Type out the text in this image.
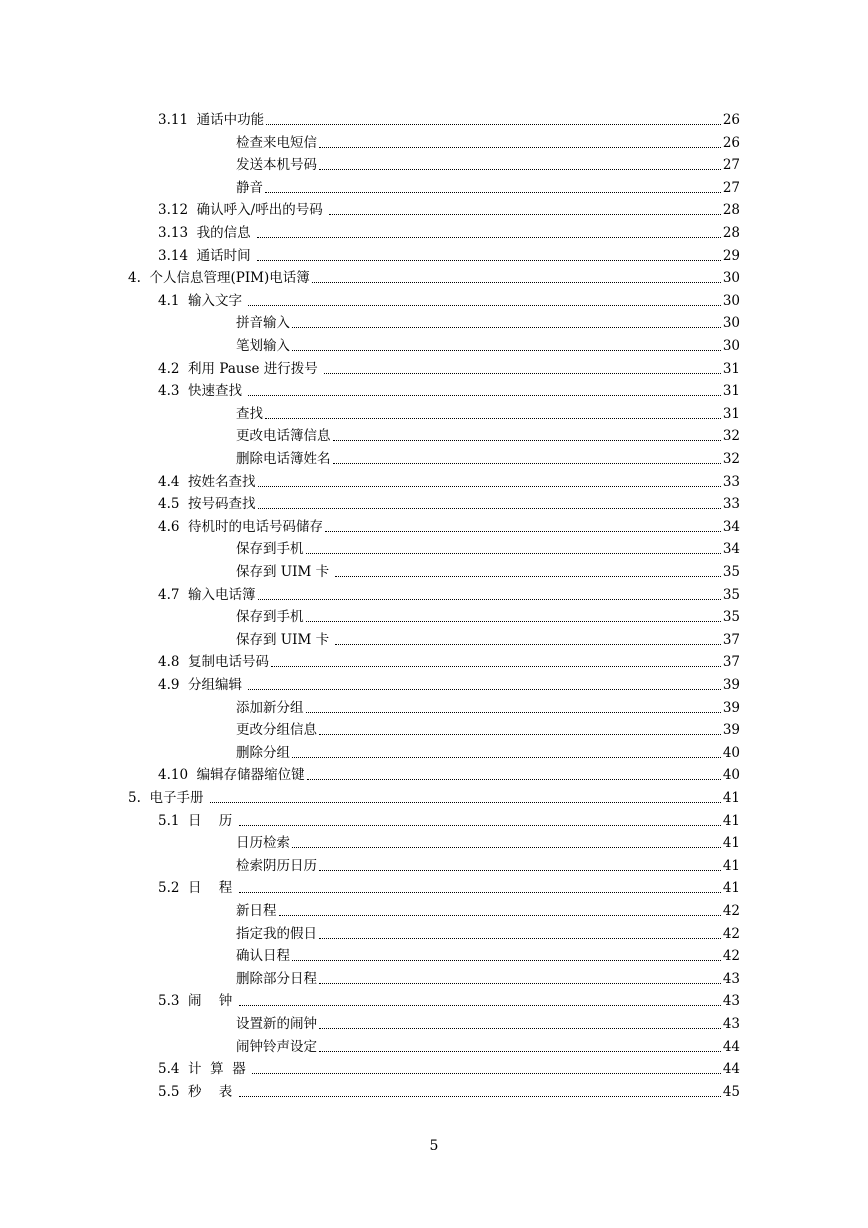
3.11  通话中功能	26
检查来电短信	26
发送本机号码	27
静音	27
3.12  确认呼入/呼出的号码	28
3.13  我的信息	28
3.14  通话时间	29
4.  个人信息管理(PIM)电话簿	30
4.1  输入文字	30
拼音输入	30
笔划输入	30
4.2  利用 Pause 进行拨号	31
4.3  快速查找	31
查找	31
更改电话簿信息	32
删除电话簿姓名	32
4.4  按姓名查找	33
4.5  按号码查找	33
4.6  待机时的电话号码储存	34
保存到手机	34
保存到 UIM 卡	35
4.7  输入电话簿	35
保存到手机	35
保存到 UIM 卡	37
4.8  复制电话号码	37
4.9  分组编辑	39
添加新分组	39
更改分组信息	39
删除分组	40
4.10  编辑存储器缩位键	40
5.  电子手册	41
5.1  日    历	41
日历检索	41
检索阴历日历	41
5.2  日    程	41
新日程	42
指定我的假日	42
确认日程	42
删除部分日程	43
5.3  闹    钟	43
设置新的闹钟	43
闹钟铃声设定	44
5.4  计  算  器	44
5.5  秒    表	45
5
